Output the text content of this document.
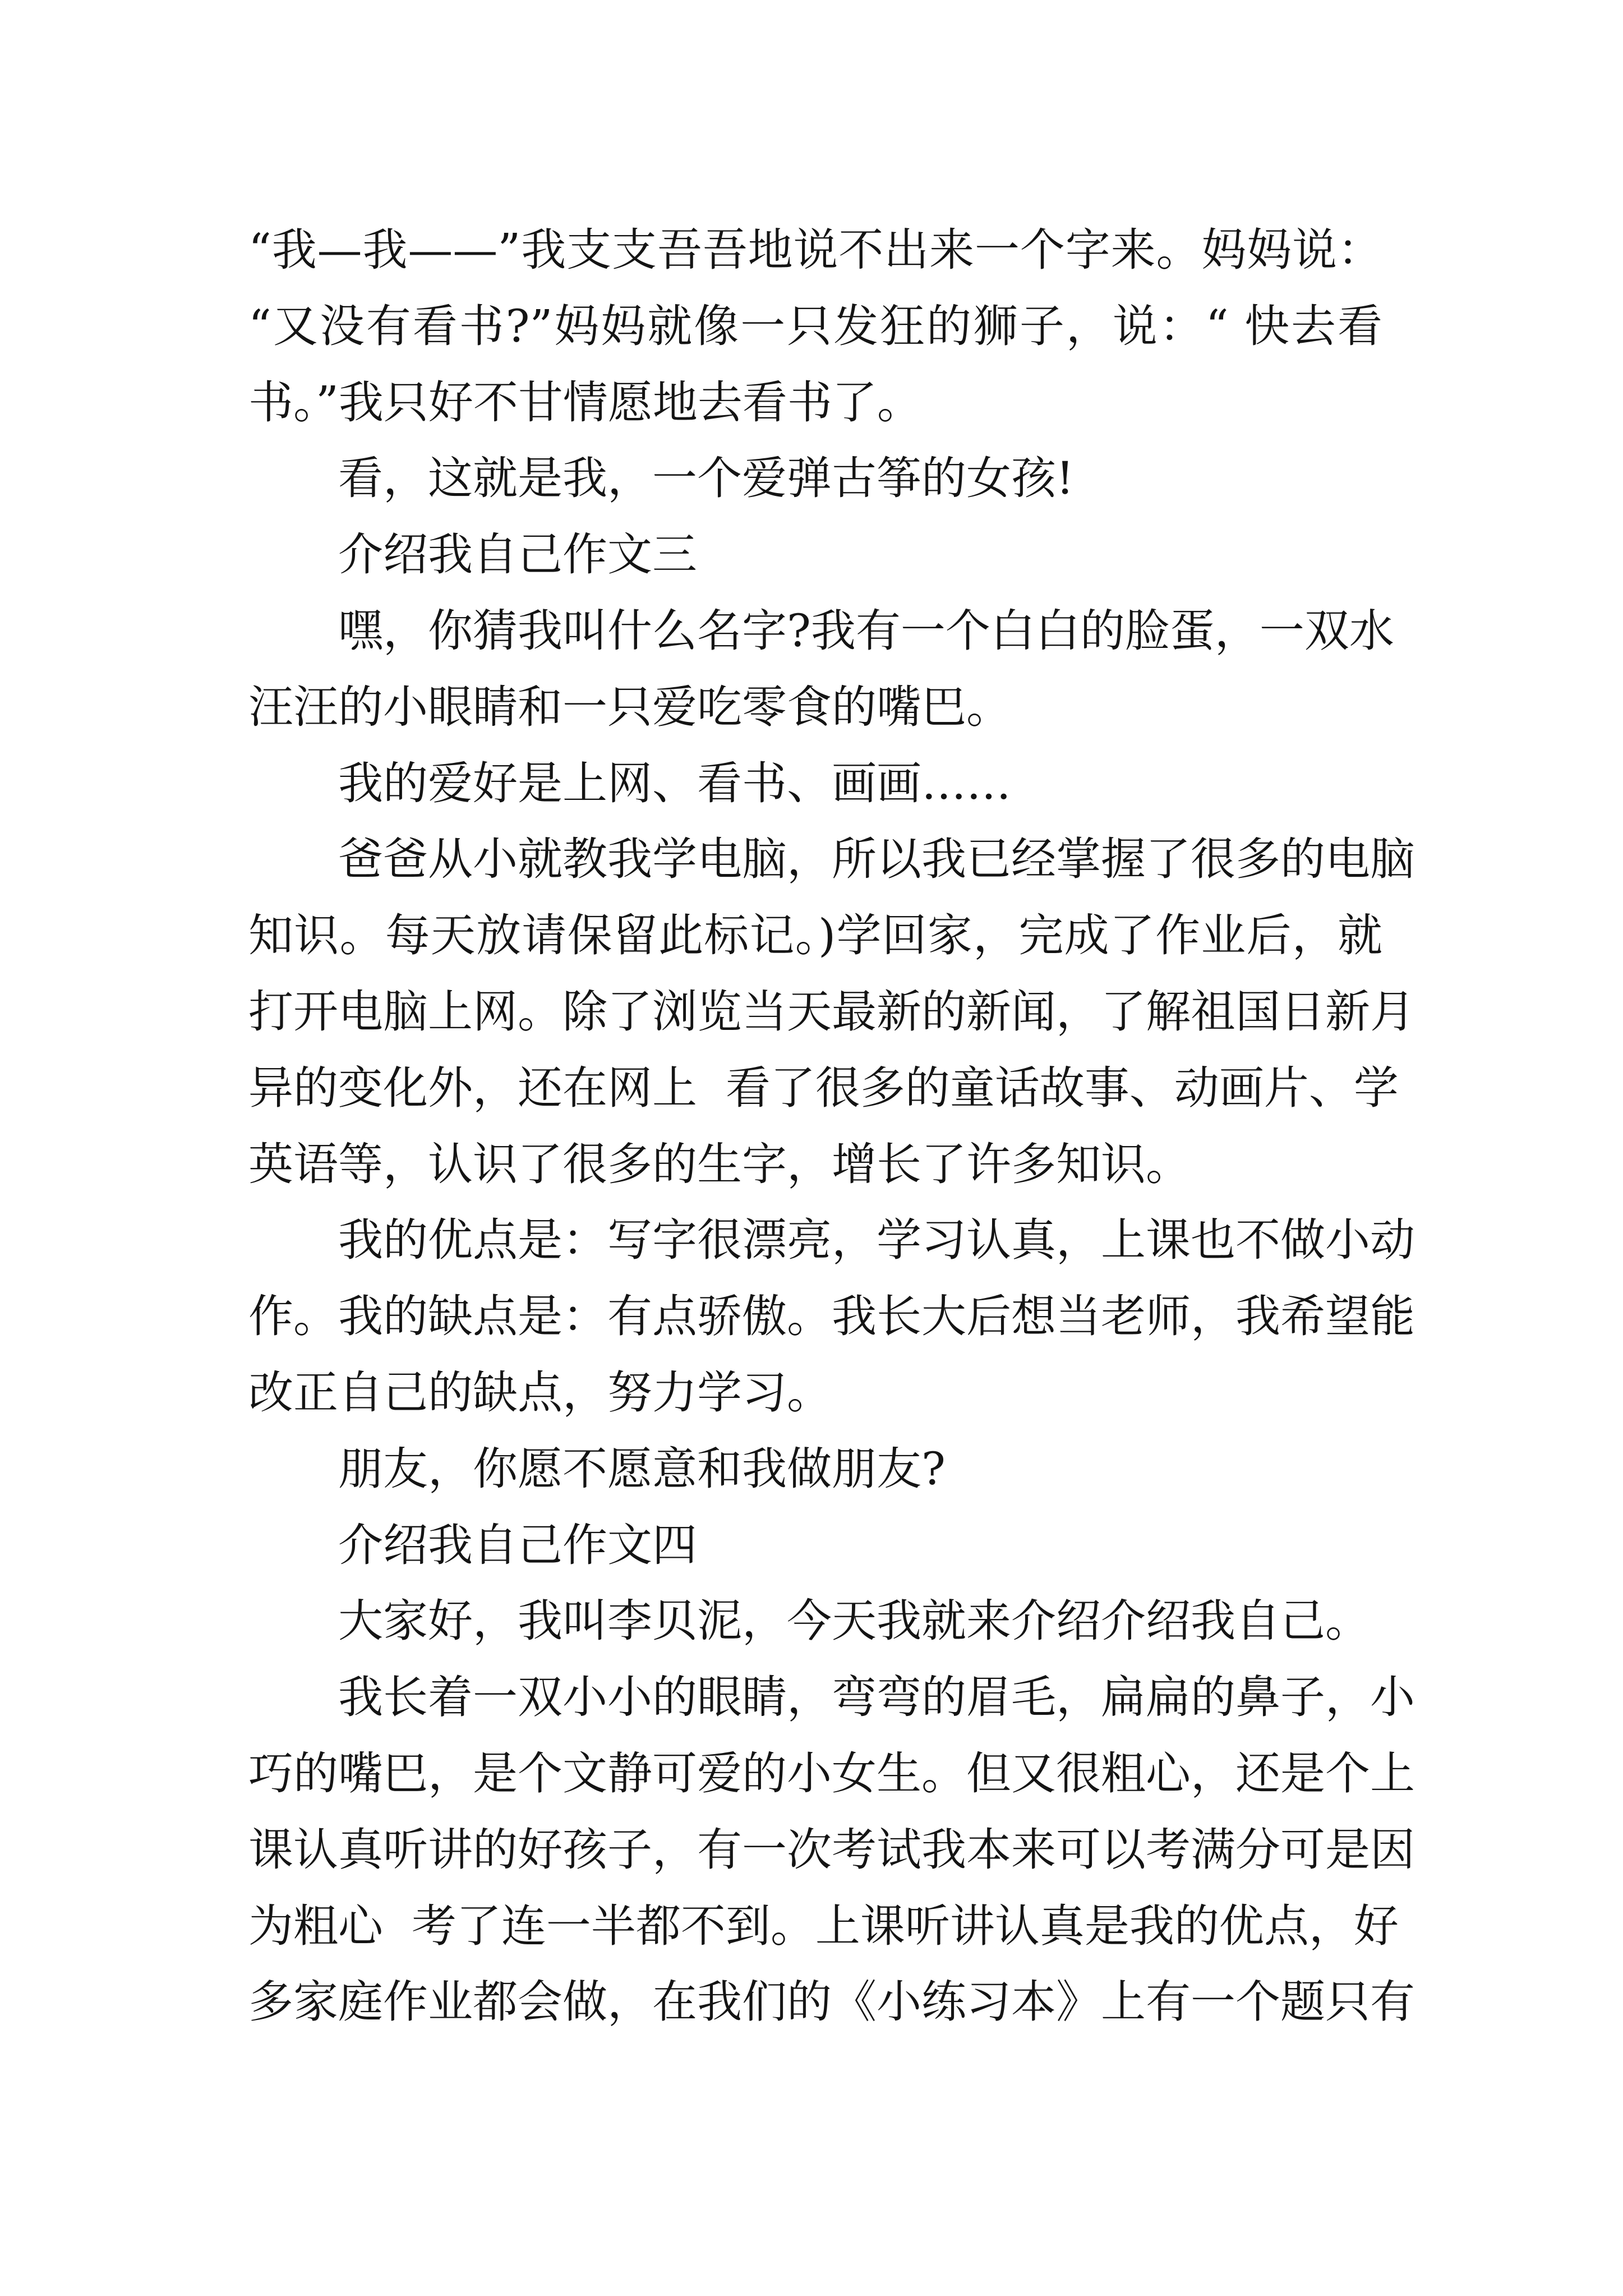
“我—我——”我支支吾吾地说不出来一个字来。妈妈说：
“又没有看书?”妈妈就像一只发狂的狮子，说：“ 快去看
书。”我只好不甘情愿地去看书了。
看，这就是我，一个爱弹古筝的女孩!
介绍我自己作文三
嘿，你猜我叫什么名字?我有一个白白的脸蛋，一双水
汪汪的小眼睛和一只爱吃零食的嘴巴。
我的爱好是上网、看书、画画……
爸爸从小就教我学电脑，所以我已经掌握了很多的电脑
知识。每天放请保留此标记。)学回家，完成了作业后，就
打开电脑上网。除了浏览当天最新的新闻，了解祖国日新月
异的变化外，还在网上  看了很多的童话故事、动画片、学
英语等，认识了很多的生字，增长了许多知识。
我的优点是：写字很漂亮，学习认真，上课也不做小动
作。我的缺点是：有点骄傲。我长大后想当老师，我希望能
改正自己的缺点，努力学习。
朋友，你愿不愿意和我做朋友?
介绍我自己作文四
大家好，我叫李贝泥，今天我就来介绍介绍我自己。
我长着一双小小的眼睛，弯弯的眉毛，扁扁的鼻子，小
巧的嘴巴，是个文静可爱的小女生。但又很粗心，还是个上
课认真听讲的好孩子，有一次考试我本来可以考满分可是因
为粗心  考了连一半都不到。上课听讲认真是我的优点，好
多家庭作业都会做，在我们的《小练习本》上有一个题只有
